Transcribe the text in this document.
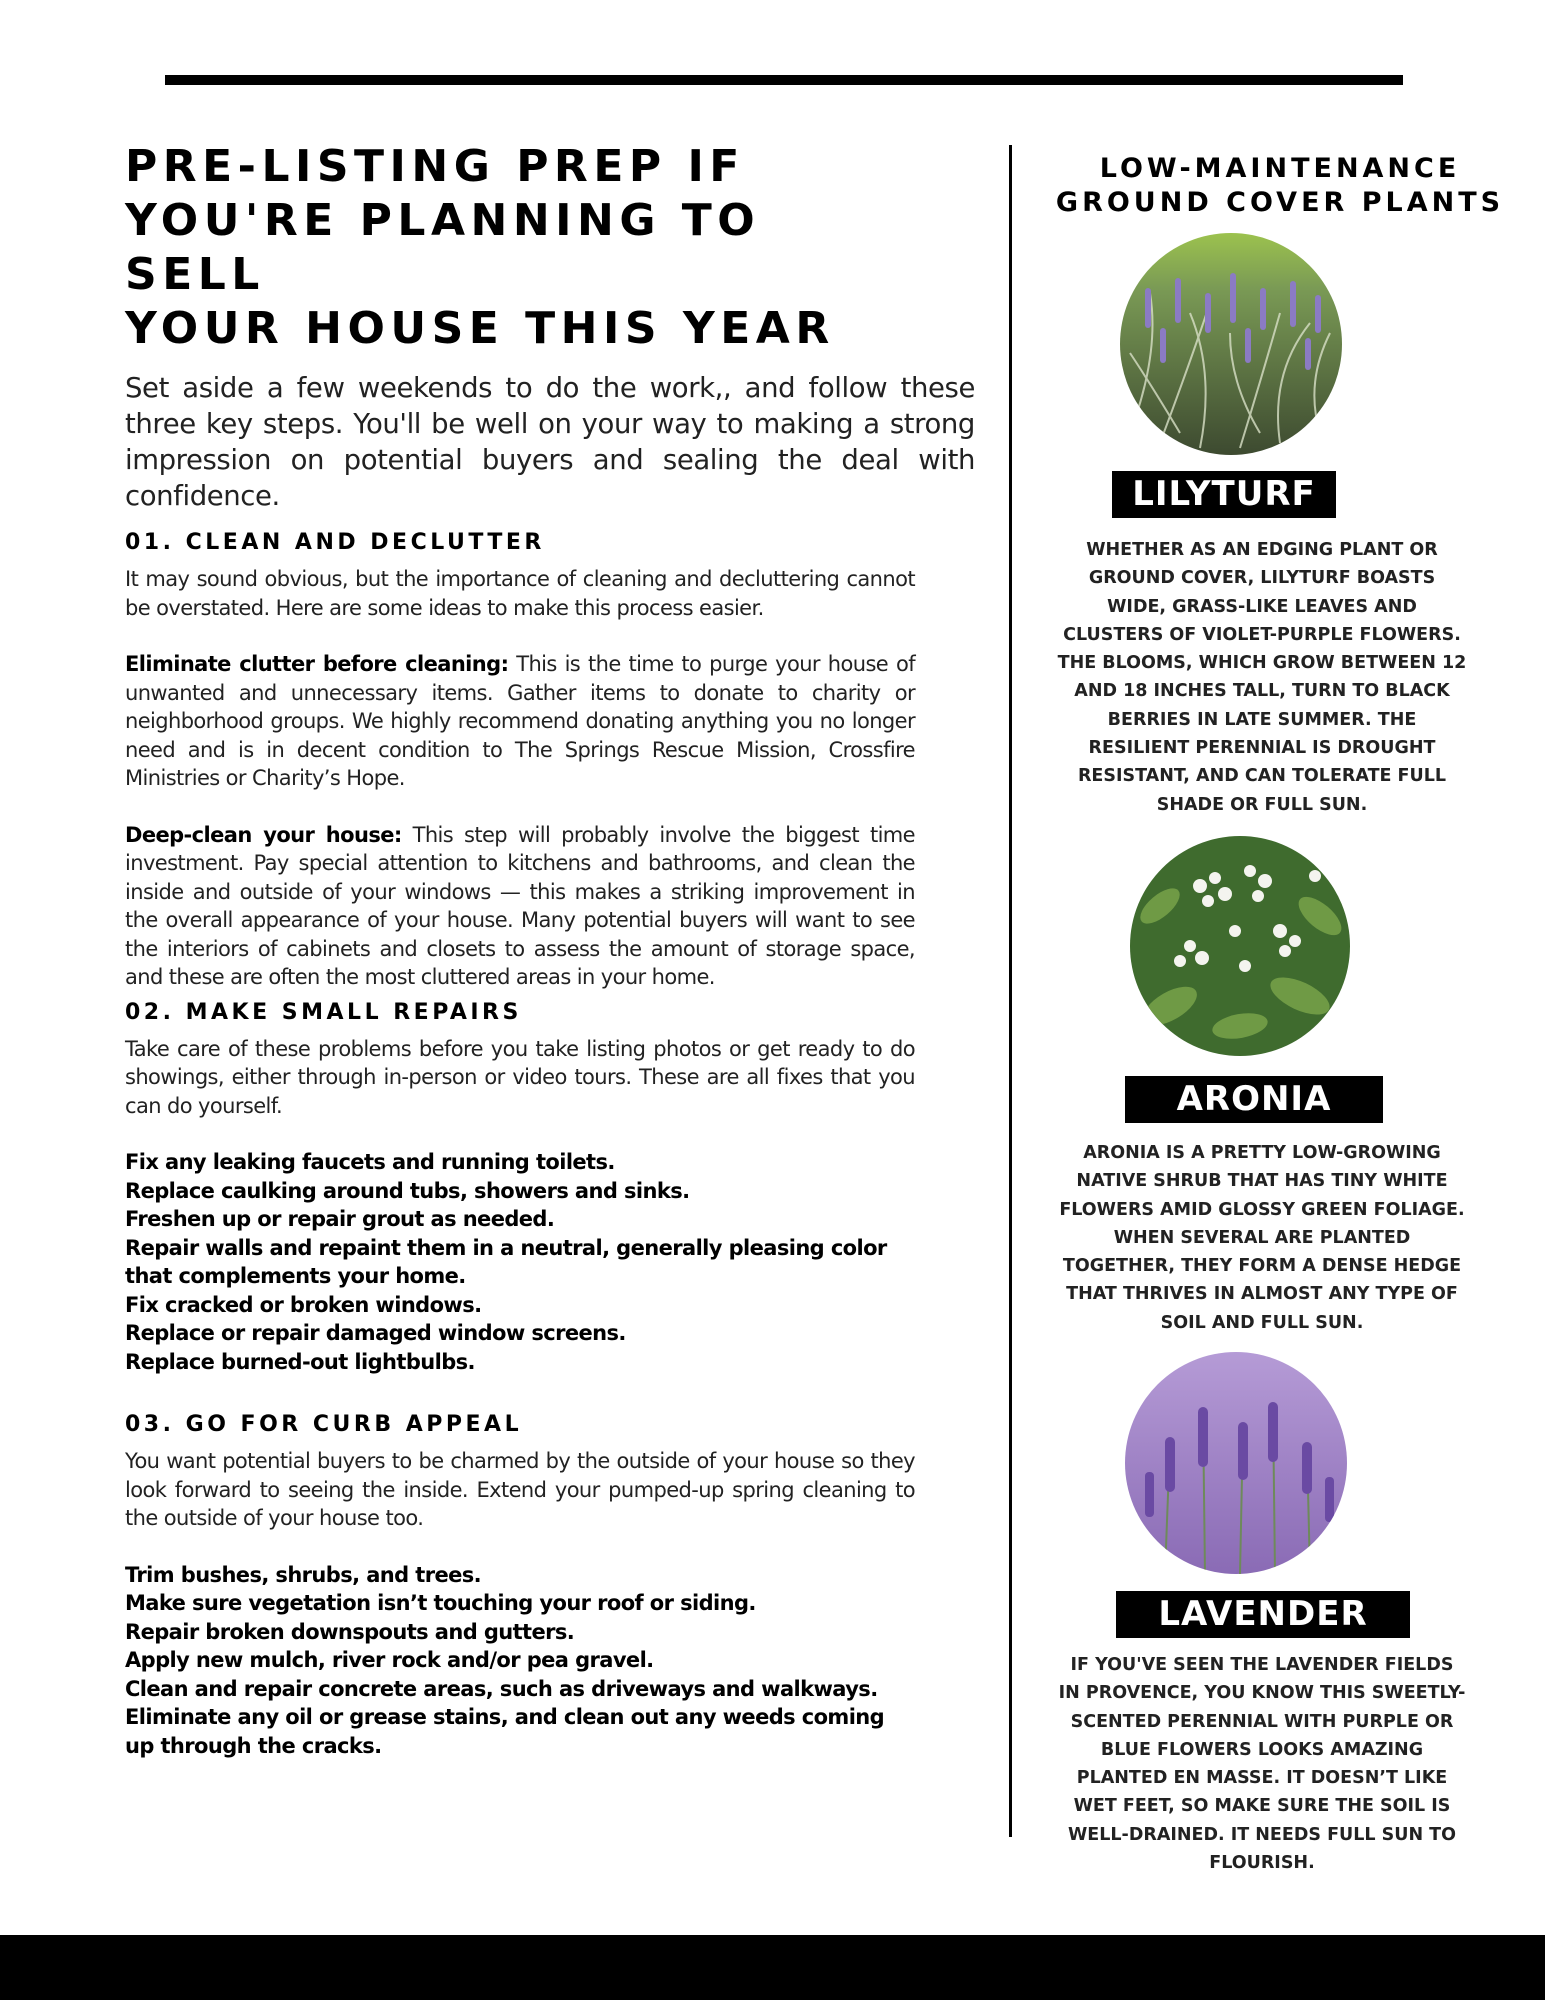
PRE-LISTING PREP IF
YOU'RE PLANNING TO SELL
YOUR HOUSE THIS YEAR

Set aside a few weekends to do the work,, and follow these three key steps. You'll be well on your way to making a strong impression on potential buyers and sealing the deal with confidence.

01. CLEAN AND DECLUTTER

It may sound obvious, but the importance of cleaning and decluttering cannot be overstated. Here are some ideas to make this process easier.

Eliminate clutter before cleaning: This is the time to purge your house of unwanted and unnecessary items. Gather items to donate to charity or neighborhood groups. We highly recommend donating anything you no longer need and is in decent condition to The Springs Rescue Mission, Crossfire Ministries or Charity’s Hope.

Deep-clean your house: This step will probably involve the biggest time investment. Pay special attention to kitchens and bathrooms, and clean the inside and outside of your windows — this makes a striking improvement in the overall appearance of your house. Many potential buyers will want to see the interiors of cabinets and closets to assess the amount of storage space, and these are often the most cluttered areas in your home.

02. MAKE SMALL REPAIRS

Take care of these problems before you take listing photos or get ready to do showings, either through in-person or video tours. These are all fixes that you can do yourself.

Fix any leaking faucets and running toilets.
Replace caulking around tubs, showers and sinks.
Freshen up or repair grout as needed.
Repair walls and repaint them in a neutral, generally pleasing color that complements your home.
Fix cracked or broken windows.
Replace or repair damaged window screens.
Replace burned-out lightbulbs.
03. GO FOR CURB APPEAL

You want potential buyers to be charmed by the outside of your house so they look forward to seeing the inside. Extend your pumped-up spring cleaning to the outside of your house too.

Trim bushes, shrubs, and trees.
Make sure vegetation isn’t touching your roof or siding.
Repair broken downspouts and gutters.
Apply new mulch, river rock and/or pea gravel.
Clean and repair concrete areas, such as driveways and walkways.
Eliminate any oil or grease stains, and clean out any weeds coming up through the cracks.
LOW-MAINTENANCE
GROUND COVER PLANTS
LILYTURF

WHETHER AS AN EDGING PLANT OR GROUND COVER, LILYTURF BOASTS WIDE, GRASS-LIKE LEAVES AND CLUSTERS OF VIOLET-PURPLE FLOWERS. THE BLOOMS, WHICH GROW BETWEEN 12 AND 18 INCHES TALL, TURN TO BLACK BERRIES IN LATE SUMMER. THE RESILIENT PERENNIAL IS DROUGHT RESISTANT, AND CAN TOLERATE FULL SHADE OR FULL SUN.

ARONIA

ARONIA IS A PRETTY LOW-GROWING NATIVE SHRUB THAT HAS TINY WHITE FLOWERS AMID GLOSSY GREEN FOLIAGE. WHEN SEVERAL ARE PLANTED TOGETHER, THEY FORM A DENSE HEDGE THAT THRIVES IN ALMOST ANY TYPE OF SOIL AND FULL SUN.

LAVENDER

IF YOU'VE SEEN THE LAVENDER FIELDS IN PROVENCE, YOU KNOW THIS SWEETLY-SCENTED PERENNIAL WITH PURPLE OR BLUE FLOWERS LOOKS AMAZING PLANTED EN MASSE. IT DOESN’T LIKE WET FEET, SO MAKE SURE THE SOIL IS WELL-DRAINED. IT NEEDS FULL SUN TO FLOURISH.
